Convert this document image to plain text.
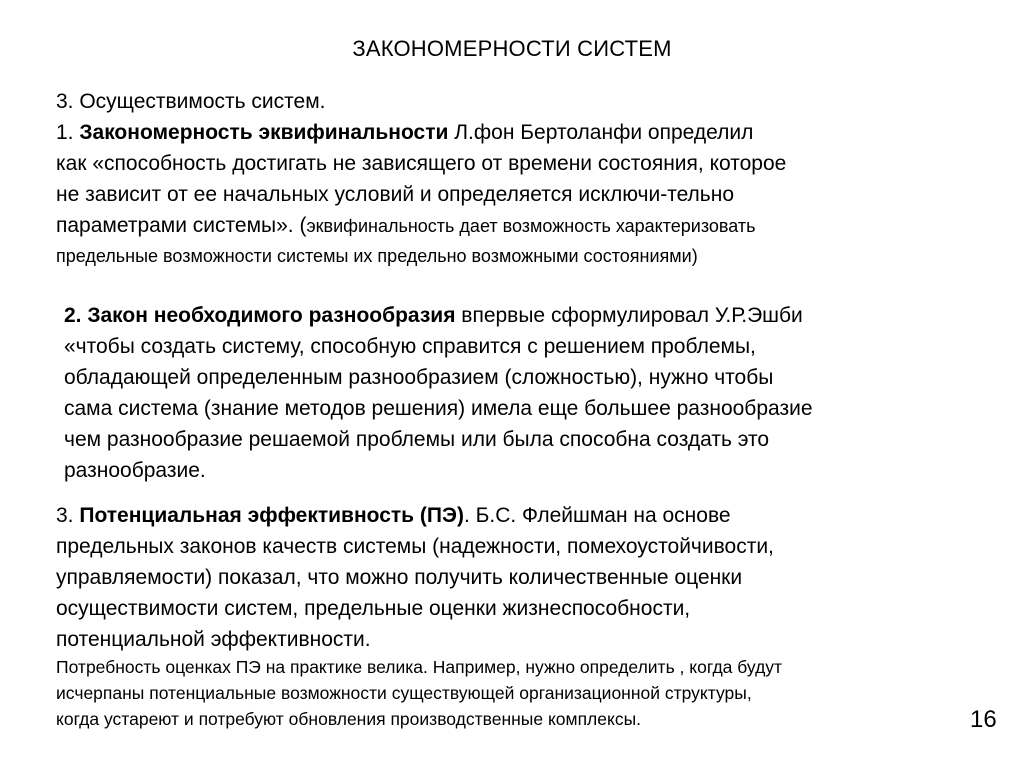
ЗАКОНОМЕРНОСТИ СИСТЕМ
3. Осуществимость систем.
1. Закономерность эквифинальности Л.фон Бертоланфи определил
как «способность достигать не зависящего от времени состояния, которое
не зависит от ее начальных условий и определяется исключи-тельно
параметрами системы». (эквифинальность дает возможность характеризовать
предельные возможности системы их предельно возможными состояниями)
2. Закон необходимого разнообразия впервые сформулировал У.Р.Эшби
«чтобы создать систему, способную справится с решением проблемы,
обладающей определенным разнообразием (сложностью), нужно чтобы
сама система (знание методов решения) имела еще большее разнообразие
чем разнообразие решаемой проблемы или была способна создать это
разнообразие.
3. Потенциальная эффективность (ПЭ). Б.С. Флейшман на основе
предельных законов качеств системы (надежности, помехоустойчивости,
управляемости) показал, что можно получить количественные оценки
осуществимости систем, предельные оценки жизнеспособности,
потенциальной эффективности.
Потребность оценках ПЭ на практике велика. Например, нужно определить , когда будут
исчерпаны потенциальные возможности существующей организационной структуры,
когда устареют и потребуют обновления производственные комплексы.	16
